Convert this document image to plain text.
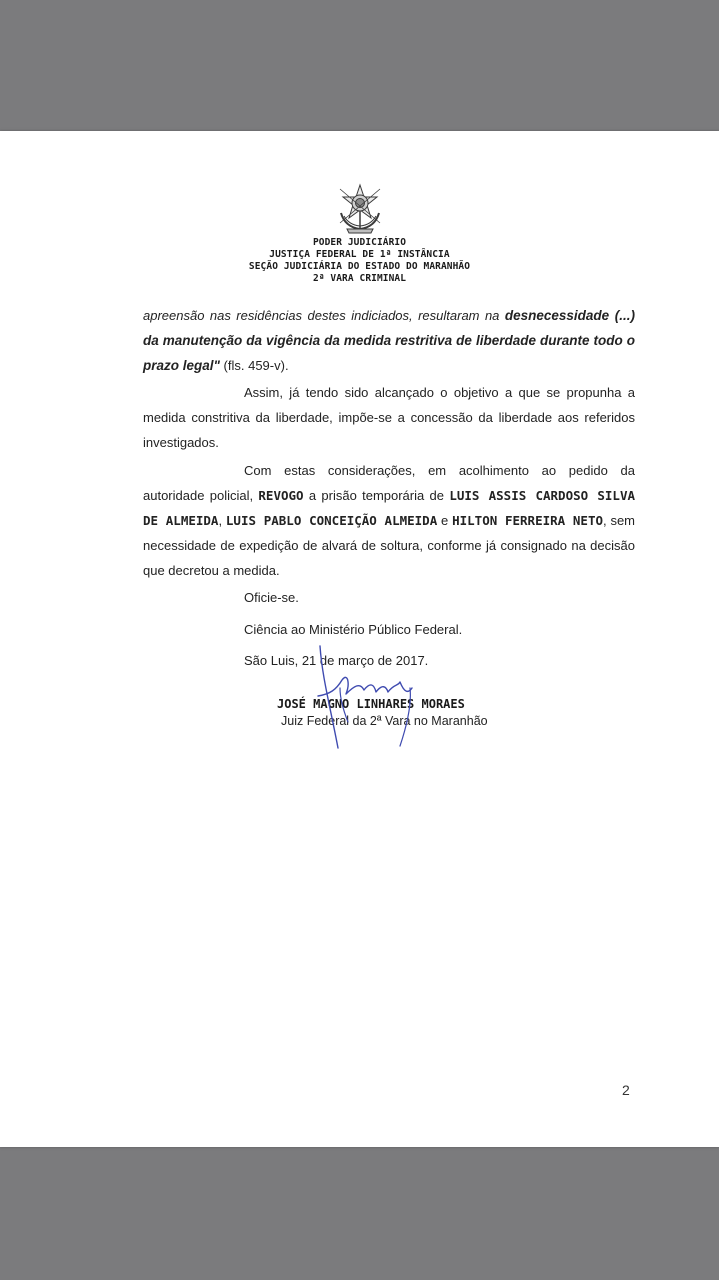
PODER JUDICIÁRIO
JUSTIÇA FEDERAL DE 1ª INSTÂNCIA
SEÇÃO JUDICIÁRIA DO ESTADO DO MARANHÃO
2ª VARA CRIMINAL

apreensão nas residências destes indiciados, resultaram na desnecessidade (...) da manutenção da vigência da medida restritiva de liberdade durante todo o prazo legal" (fls. 459-v).

Assim, já tendo sido alcançado o objetivo a que se propunha a medida constritiva da liberdade, impõe-se a concessão da liberdade aos referidos investigados.

Com estas considerações, em acolhimento ao pedido da autoridade policial, REVOGO a prisão temporária de LUIS ASSIS CARDOSO SILVA DE ALMEIDA, LUIS PABLO CONCEIÇÃO ALMEIDA e HILTON FERREIRA NETO, sem necessidade de expedição de alvará de soltura, conforme já consignado na decisão que decretou a medida.

Oficie-se.
Ciência ao Ministério Público Federal.
São Luis, 21 de março de 2017.
JOSÉ MAGNO LINHARES MORAES
Juiz Federal da 2ª Vara no Maranhão
2
